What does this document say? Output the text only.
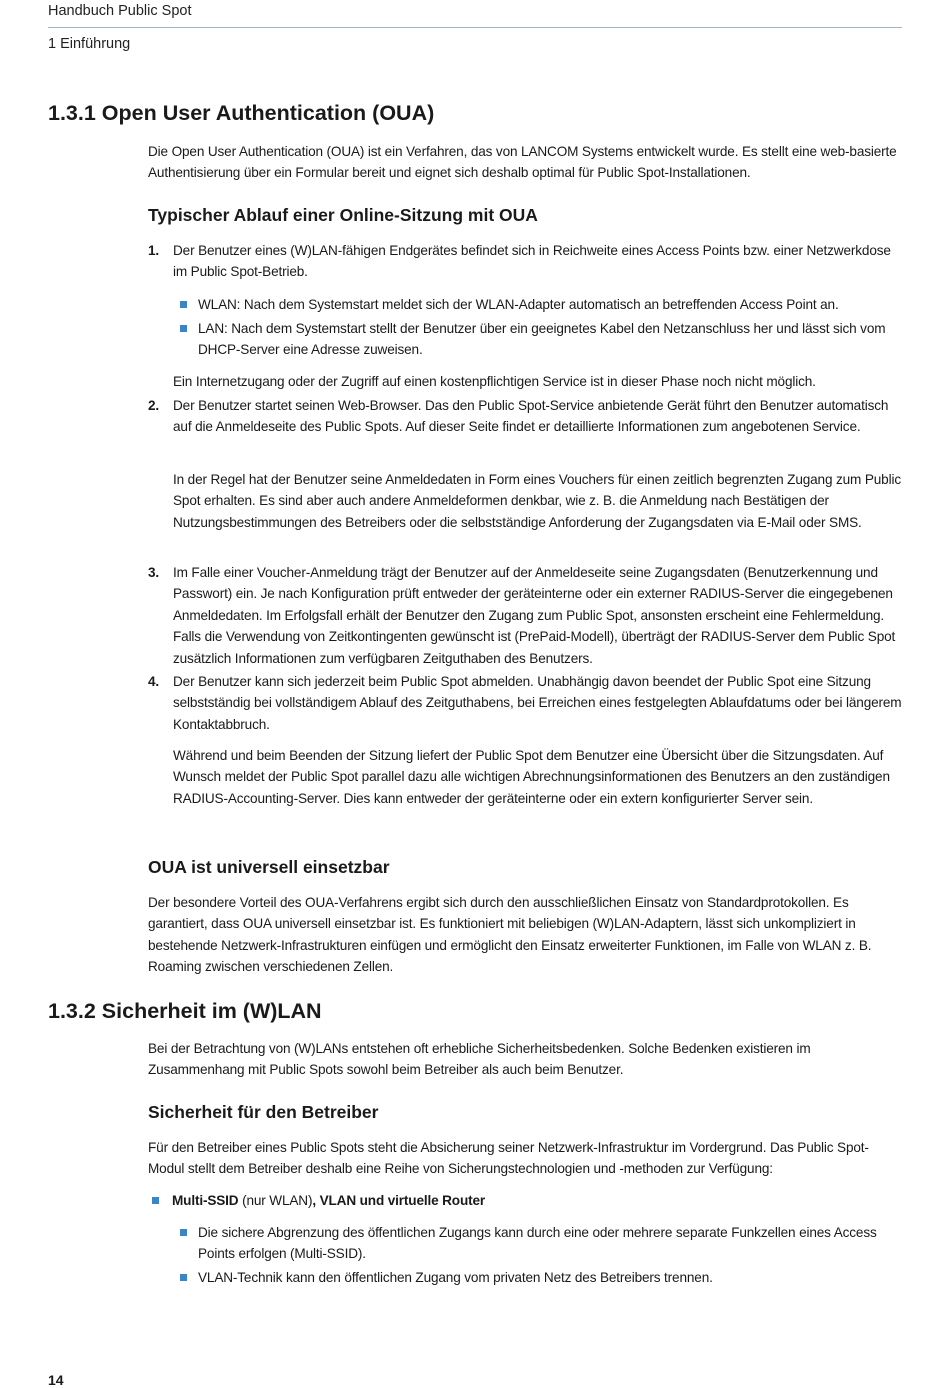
Handbuch Public Spot
1 Einführung
1.3.1 Open User Authentication (OUA)
Die Open User Authentication (OUA) ist ein Verfahren, das von LANCOM Systems entwickelt wurde. Es stellt eine web-basierte Authentisierung über ein Formular bereit und eignet sich deshalb optimal für Public Spot-Installationen.
Typischer Ablauf einer Online-Sitzung mit OUA
1. Der Benutzer eines (W)LAN-fähigen Endgerätes befindet sich in Reichweite eines Access Points bzw. einer Netzwerkdose im Public Spot-Betrieb.
WLAN: Nach dem Systemstart meldet sich der WLAN-Adapter automatisch an betreffenden Access Point an.
LAN: Nach dem Systemstart stellt der Benutzer über ein geeignetes Kabel den Netzanschluss her und lässt sich vom DHCP-Server eine Adresse zuweisen.
Ein Internetzugang oder der Zugriff auf einen kostenpflichtigen Service ist in dieser Phase noch nicht möglich.
2. Der Benutzer startet seinen Web-Browser. Das den Public Spot-Service anbietende Gerät führt den Benutzer automatisch auf die Anmeldeseite des Public Spots. Auf dieser Seite findet er detaillierte Informationen zum angebotenen Service.
In der Regel hat der Benutzer seine Anmeldedaten in Form eines Vouchers für einen zeitlich begrenzten Zugang zum Public Spot erhalten. Es sind aber auch andere Anmeldeformen denkbar, wie z. B. die Anmeldung nach Bestätigen der Nutzungsbestimmungen des Betreibers oder die selbstständige Anforderung der Zugangsdaten via E-Mail oder SMS.
3. Im Falle einer Voucher-Anmeldung trägt der Benutzer auf der Anmeldeseite seine Zugangsdaten (Benutzerkennung und Passwort) ein. Je nach Konfiguration prüft entweder der geräteinterne oder ein externer RADIUS-Server die eingegebenen Anmeldedaten. Im Erfolgsfall erhält der Benutzer den Zugang zum Public Spot, ansonsten erscheint eine Fehlermeldung. Falls die Verwendung von Zeitkontingenten gewünscht ist (PrePaid-Modell), überträgt der RADIUS-Server dem Public Spot zusätzlich Informationen zum verfügbaren Zeitguthaben des Benutzers.
4. Der Benutzer kann sich jederzeit beim Public Spot abmelden. Unabhängig davon beendet der Public Spot eine Sitzung selbstständig bei vollständigem Ablauf des Zeitguthabens, bei Erreichen eines festgelegten Ablaufdatums oder bei längerem Kontaktabbruch.
Während und beim Beenden der Sitzung liefert der Public Spot dem Benutzer eine Übersicht über die Sitzungsdaten. Auf Wunsch meldet der Public Spot parallel dazu alle wichtigen Abrechnungsinformationen des Benutzers an den zuständigen RADIUS-Accounting-Server. Dies kann entweder der geräteinterne oder ein extern konfigurierter Server sein.
OUA ist universell einsetzbar
Der besondere Vorteil des OUA-Verfahrens ergibt sich durch den ausschließlichen Einsatz von Standardprotokollen. Es garantiert, dass OUA universell einsetzbar ist. Es funktioniert mit beliebigen (W)LAN-Adaptern, lässt sich unkompliziert in bestehende Netzwerk-Infrastrukturen einfügen und ermöglicht den Einsatz erweiterter Funktionen, im Falle von WLAN z. B. Roaming zwischen verschiedenen Zellen.
1.3.2 Sicherheit im (W)LAN
Bei der Betrachtung von (W)LANs entstehen oft erhebliche Sicherheitsbedenken. Solche Bedenken existieren im Zusammenhang mit Public Spots sowohl beim Betreiber als auch beim Benutzer.
Sicherheit für den Betreiber
Für den Betreiber eines Public Spots steht die Absicherung seiner Netzwerk-Infrastruktur im Vordergrund. Das Public Spot-Modul stellt dem Betreiber deshalb eine Reihe von Sicherungstechnologien und -methoden zur Verfügung:
Multi-SSID (nur WLAN), VLAN und virtuelle Router
Die sichere Abgrenzung des öffentlichen Zugangs kann durch eine oder mehrere separate Funkzellen eines Access Points erfolgen (Multi-SSID).
VLAN-Technik kann den öffentlichen Zugang vom privaten Netz des Betreibers trennen.
14
